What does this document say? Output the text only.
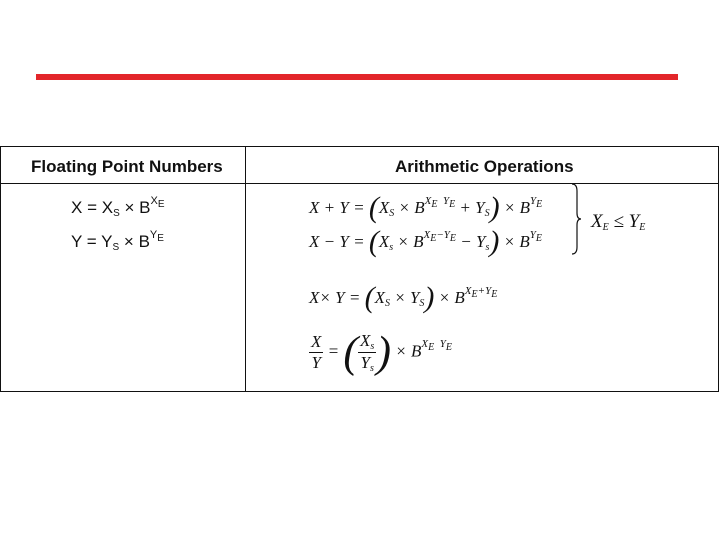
Floating Point Numbers	Arithmetic Operations
$X = X_S \times B^{X_E}$
$Y = Y_S \times B^{Y_E}$
$X + Y = (X_S \times B^{X_E Y_E} + Y_S) \times B^{Y_E}$
$X - Y = (X_s \times B^{X_E-Y_E} - Y_s) \times B^{Y_E}$
$X_E \le Y_E$
$X\times Y = (X_S \times Y_S) \times B^{X_E+Y_E}$
$\frac{X}{Y}$ = ( $\frac{X_s}{Y_s}$ ) × $B^{X_E Y_E}$
